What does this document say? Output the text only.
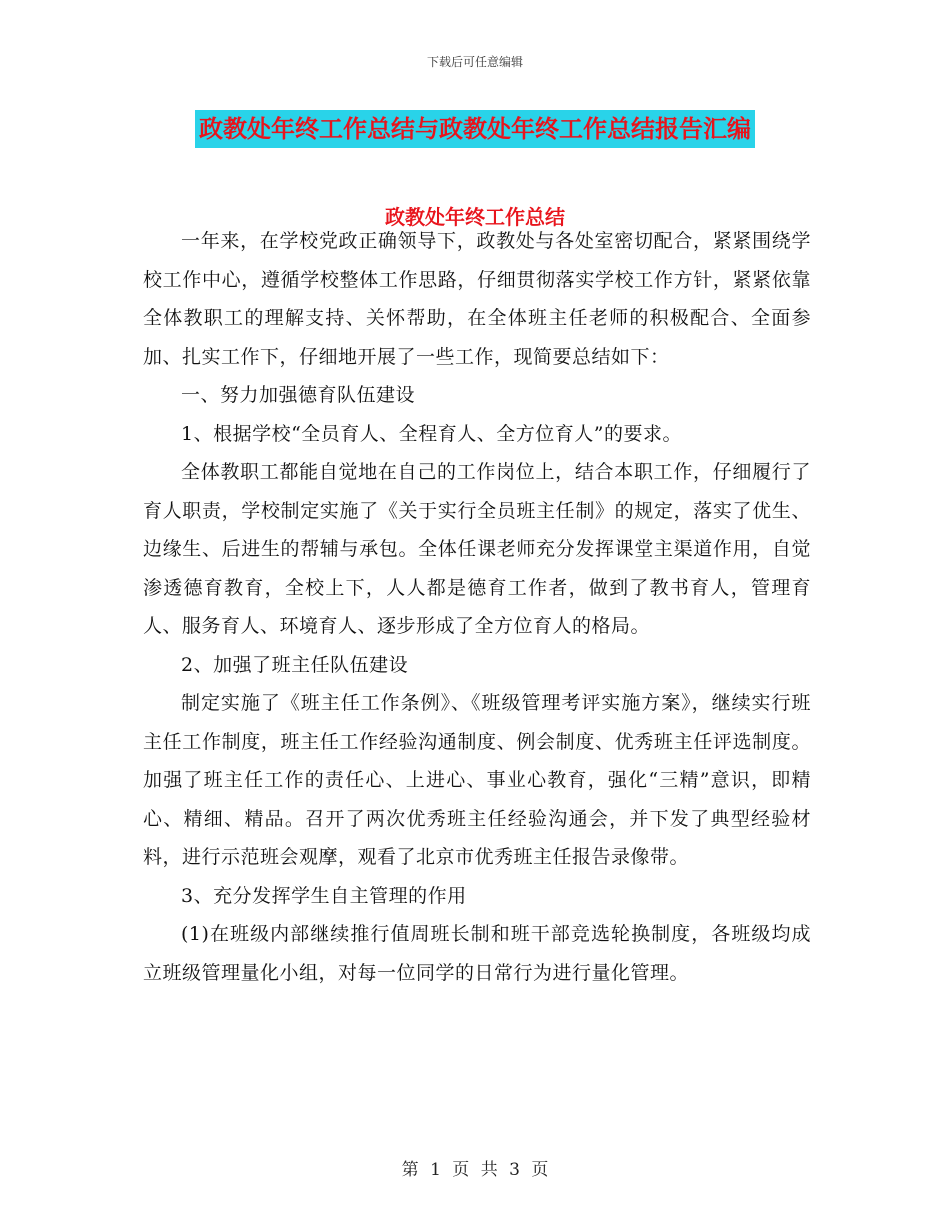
下载后可任意编辑
政教处年终工作总结与政教处年终工作总结报告汇编
政教处年终工作总结

一年来，在学校党政正确领导下，政教处与各处室密切配合，紧紧围绕学校工作中心，遵循学校整体工作思路，仔细贯彻落实学校工作方针，紧紧依靠全体教职工的理解支持、关怀帮助，在全体班主任老师的积极配合、全面参加、扎实工作下，仔细地开展了一些工作，现简要总结如下：

一、努力加强德育队伍建设

1、根据学校“全员育人、全程育人、全方位育人”的要求。

全体教职工都能自觉地在自己的工作岗位上，结合本职工作，仔细履行了育人职责，学校制定实施了《关于实行全员班主任制》的规定，落实了优生、边缘生、后进生的帮辅与承包。全体任课老师充分发挥课堂主渠道作用，自觉渗透德育教育，全校上下，人人都是德育工作者，做到了教书育人，管理育人、服务育人、环境育人、逐步形成了全方位育人的格局。

2、加强了班主任队伍建设

制定实施了《班主任工作条例》、《班级管理考评实施方案》，继续实行班主任工作制度，班主任工作经验沟通制度、例会制度、优秀班主任评选制度。加强了班主任工作的责任心、上进心、事业心教育，强化“三精”意识，即精心、精细、精品。召开了两次优秀班主任经验沟通会，并下发了典型经验材料，进行示范班会观摩，观看了北京市优秀班主任报告录像带。

3、充分发挥学生自主管理的作用

(1)在班级内部继续推行值周班长制和班干部竞选轮换制度，各班级均成立班级管理量化小组，对每一位同学的日常行为进行量化管理。

第 1 页 共 3 页
